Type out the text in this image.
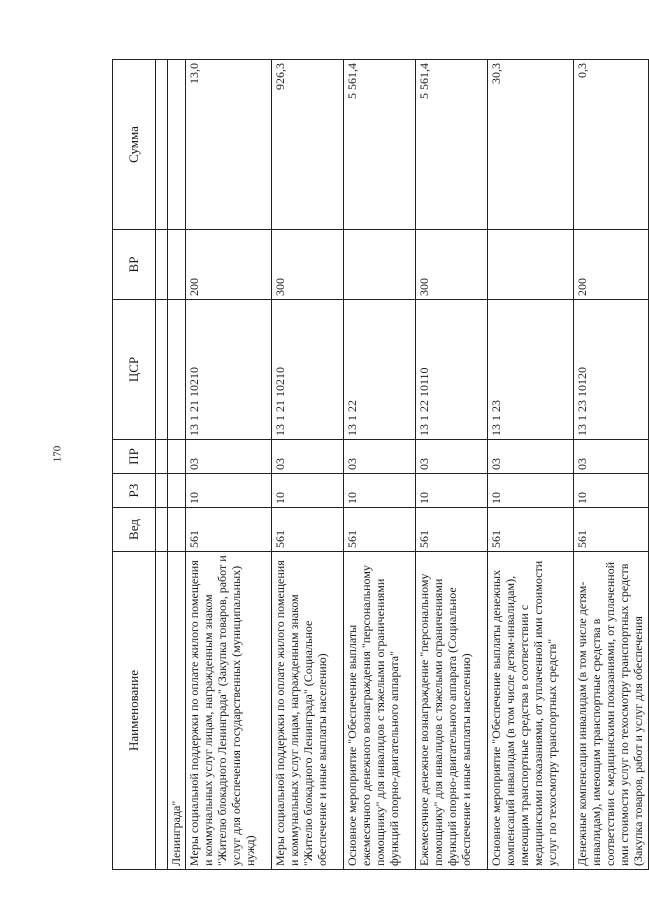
170
Наименование	Вед	РЗ	ПР	ЦСР	ВР	Сумма

Ленинграда"						
Меры социальной поддержки по оплате жилого помещения и коммунальных услуг лицам, награжденным знаком "Жителю блокадного Ленинграда" (Закупка товаров, работ и услуг для обеспечения государственных (муниципальных) нужд)	561	10	03	13 1 21 10210	200	13,0
Меры социальной поддержки по оплате жилого помещения и коммунальных услуг лицам, награжденным знаком "Жителю блокадного Ленинграда" (Социальное обеспечение и иные выплаты населению)	561	10	03	13 1 21 10210	300	926,3
Основное мероприятие "Обеспечение выплаты ежемесячного денежного вознаграждения "персональному помощнику" для инвалидов с тяжелыми ограничениями функций опорно-двигательного аппарата"	561	10	03	13 1 22		5 561,4
Ежемесячное денежное вознаграждение "персональному помощнику" для инвалидов с тяжелыми ограничениями функций опорно-двигательного аппарата (Социальное обеспечение и иные выплаты населению)	561	10	03	13 1 22 10110	300	5 561,4
Основное мероприятие "Обеспечение выплаты денежных компенсаций инвалидам (в том числе детям-инвалидам), имеющим транспортные средства в соответствии с медицинскими показаниями, от уплаченной ими стоимости услуг по техосмотру транспортных средств"	561	10	03	13 1 23		30,3
Денежные компенсации инвалидам (в том числе детям-инвалидам), имеющим транспортные средства в соответствии с медицинскими показаниями, от уплаченной ими стоимости услуг по техосмотру транспортных средств (Закупка товаров, работ и услуг для обеспечения	561	10	03	13 1 23 10120	200	0,3
